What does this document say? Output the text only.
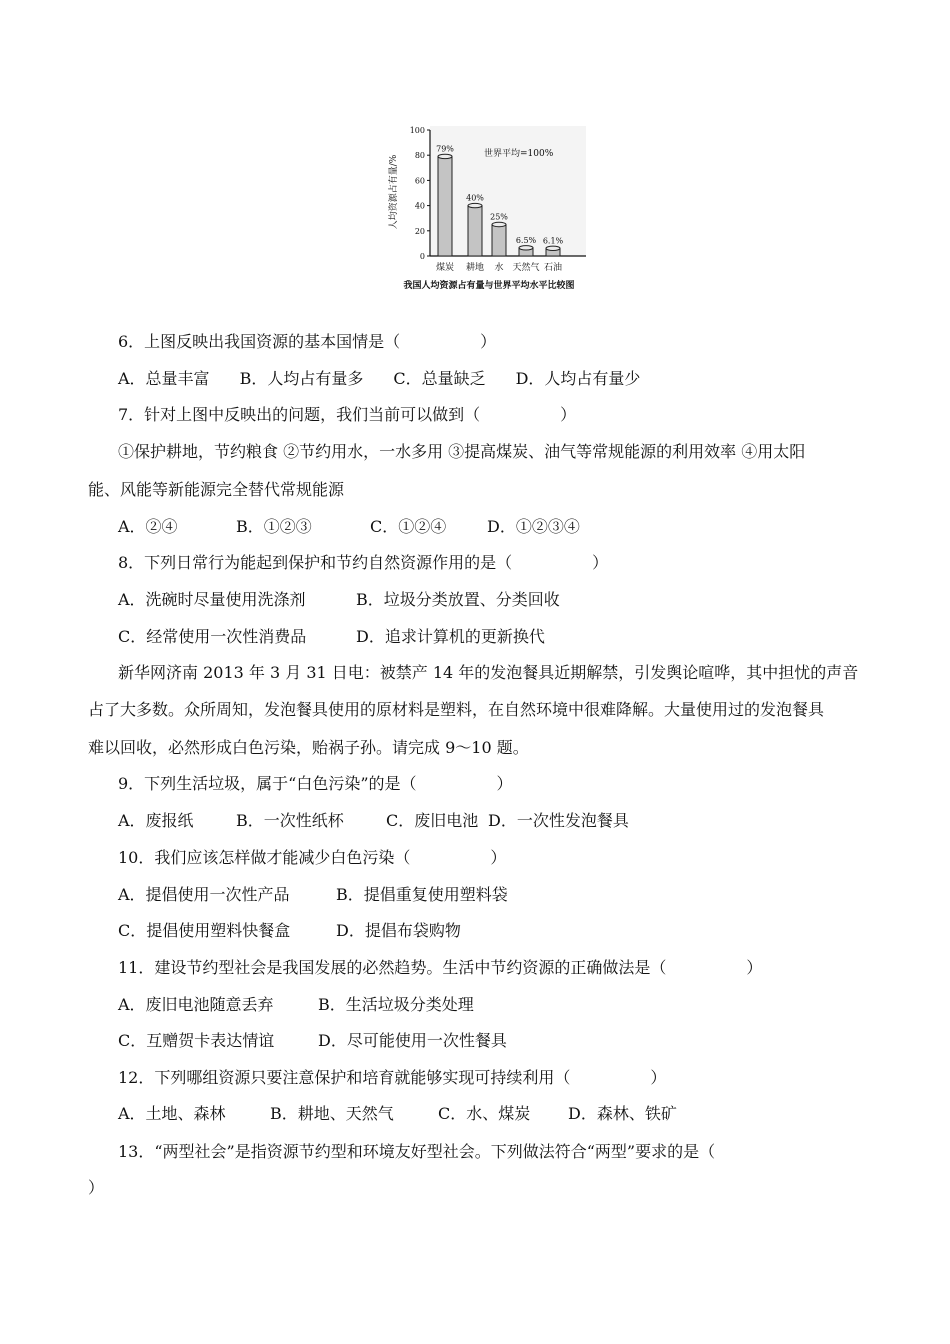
人均资源占有量/%
世界平均=100%
我国人均资源占有量与世界平均水平比较图
0
20
40
60
80
100
79%
40%
25%
6.5% 6.1%
煤炭 耕地 水 天然气 石油
6．上图反映出我国资源的基本国情是（　　　　　）
A．总量丰富 B．人均占有量多 C．总量缺乏 D．人均占有量少
7．针对上图中反映出的问题，我们当前可以做到（　　　　　）
①保护耕地，节约粮食 ②节约用水，一水多用 ③提高煤炭、油气等常规能源的利用效率 ④用太阳
能、风能等新能源完全替代常规能源
A．②④	B．①②③	C．①②④	D．①②③④
8．下列日常行为能起到保护和节约自然资源作用的是（　　　　　）
A．洗碗时尽量使用洗涤剂	B．垃圾分类放置、分类回收
C．经常使用一次性消费品	D．追求计算机的更新换代
新华网济南 2013 年 3 月 31 日电：被禁产 14 年的发泡餐具近期解禁，引发舆论喧哗，其中担忧的声音
占了大多数。众所周知，发泡餐具使用的原材料是塑料，在自然环境中很难降解。大量使用过的发泡餐具
难以回收，必然形成白色污染，贻祸子孙。请完成 9～10 题。
9．下列生活垃圾，属于“白色污染”的是（　　　　　）
A．废报纸	B．一次性纸杯	C．废旧电池 D．一次性发泡餐具
10．我们应该怎样做才能减少白色污染（　　　　　）
A．提倡使用一次性产品	B．提倡重复使用塑料袋
C．提倡使用塑料快餐盒	D．提倡布袋购物
11．建设节约型社会是我国发展的必然趋势。生活中节约资源的正确做法是（　　　　　）
A．废旧电池随意丢弃	B．生活垃圾分类处理
C．互赠贺卡表达情谊	D．尽可能使用一次性餐具
12．下列哪组资源只要注意保护和培育就能够实现可持续利用（　　　　　）
A．土地、森林	B．耕地、天然气	C．水、煤炭 D．森林、铁矿
13．“两型社会”是指资源节约型和环境友好型社会。下列做法符合“两型”要求的是（
）
